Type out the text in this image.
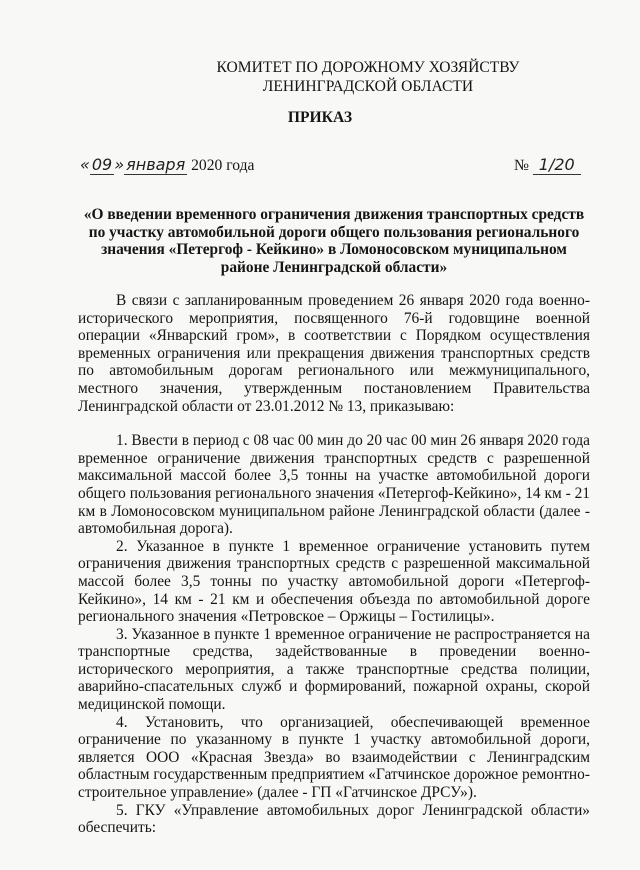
КОМИТЕТ ПО ДОРОЖНОМУ ХОЗЯЙСТВУ
ЛЕНИНГРАДСКОЙ ОБЛАСТИ
ПРИКАЗ
« 09 » января 2020 года	№ 1/20
«О введении временного ограничения движения транспортных средств по участку автомобильной дороги общего пользования регионального значения «Петергоф - Кейкино» в Ломоносовском муниципальном районе Ленинградской области»

В связи с запланированным проведением 26 января 2020 года военно-исторического мероприятия, посвященного 76-й годовщине военной операции «Январский гром», в соответствии с Порядком осуществления временных ограничения или прекращения движения транспортных средств по автомобильным дорогам регионального или межмуниципального, местного значения, утвержденным постановлением Правительства Ленинградской области от 23.01.2012 № 13, приказываю:

1. Ввести в период с 08 час 00 мин до 20 час 00 мин 26 января 2020 года временное ограничение движения транспортных средств с разрешенной максимальной массой более 3,5 тонны на участке автомобильной дороги общего пользования регионального значения «Петергоф-Кейкино», 14 км - 21 км в Ломоносовском муниципальном районе Ленинградской области (далее - автомобильная дорога).

2. Указанное в пункте 1 временное ограничение установить путем ограничения движения транспортных средств с разрешенной максимальной массой более 3,5 тонны по участку автомобильной дороги «Петергоф-Кейкино», 14 км - 21 км и обеспечения объезда по автомобильной дороге регионального значения «Петровское – Оржицы – Гостилицы».

3. Указанное в пункте 1 временное ограничение не распространяется на транспортные средства, задействованные в проведении военно-исторического мероприятия, а также транспортные средства полиции, аварийно-спасательных служб и формирований, пожарной охраны, скорой медицинской помощи.

4. Установить, что организацией, обеспечивающей временное ограничение по указанному в пункте 1 участку автомобильной дороги, является ООО «Красная Звезда» во взаимодействии с Ленинградским областным государственным предприятием «Гатчинское дорожное ремонтно-строительное управление» (далее - ГП «Гатчинское ДРСУ»).

5. ГКУ «Управление автомобильных дорог Ленинградской области» обеспечить:
